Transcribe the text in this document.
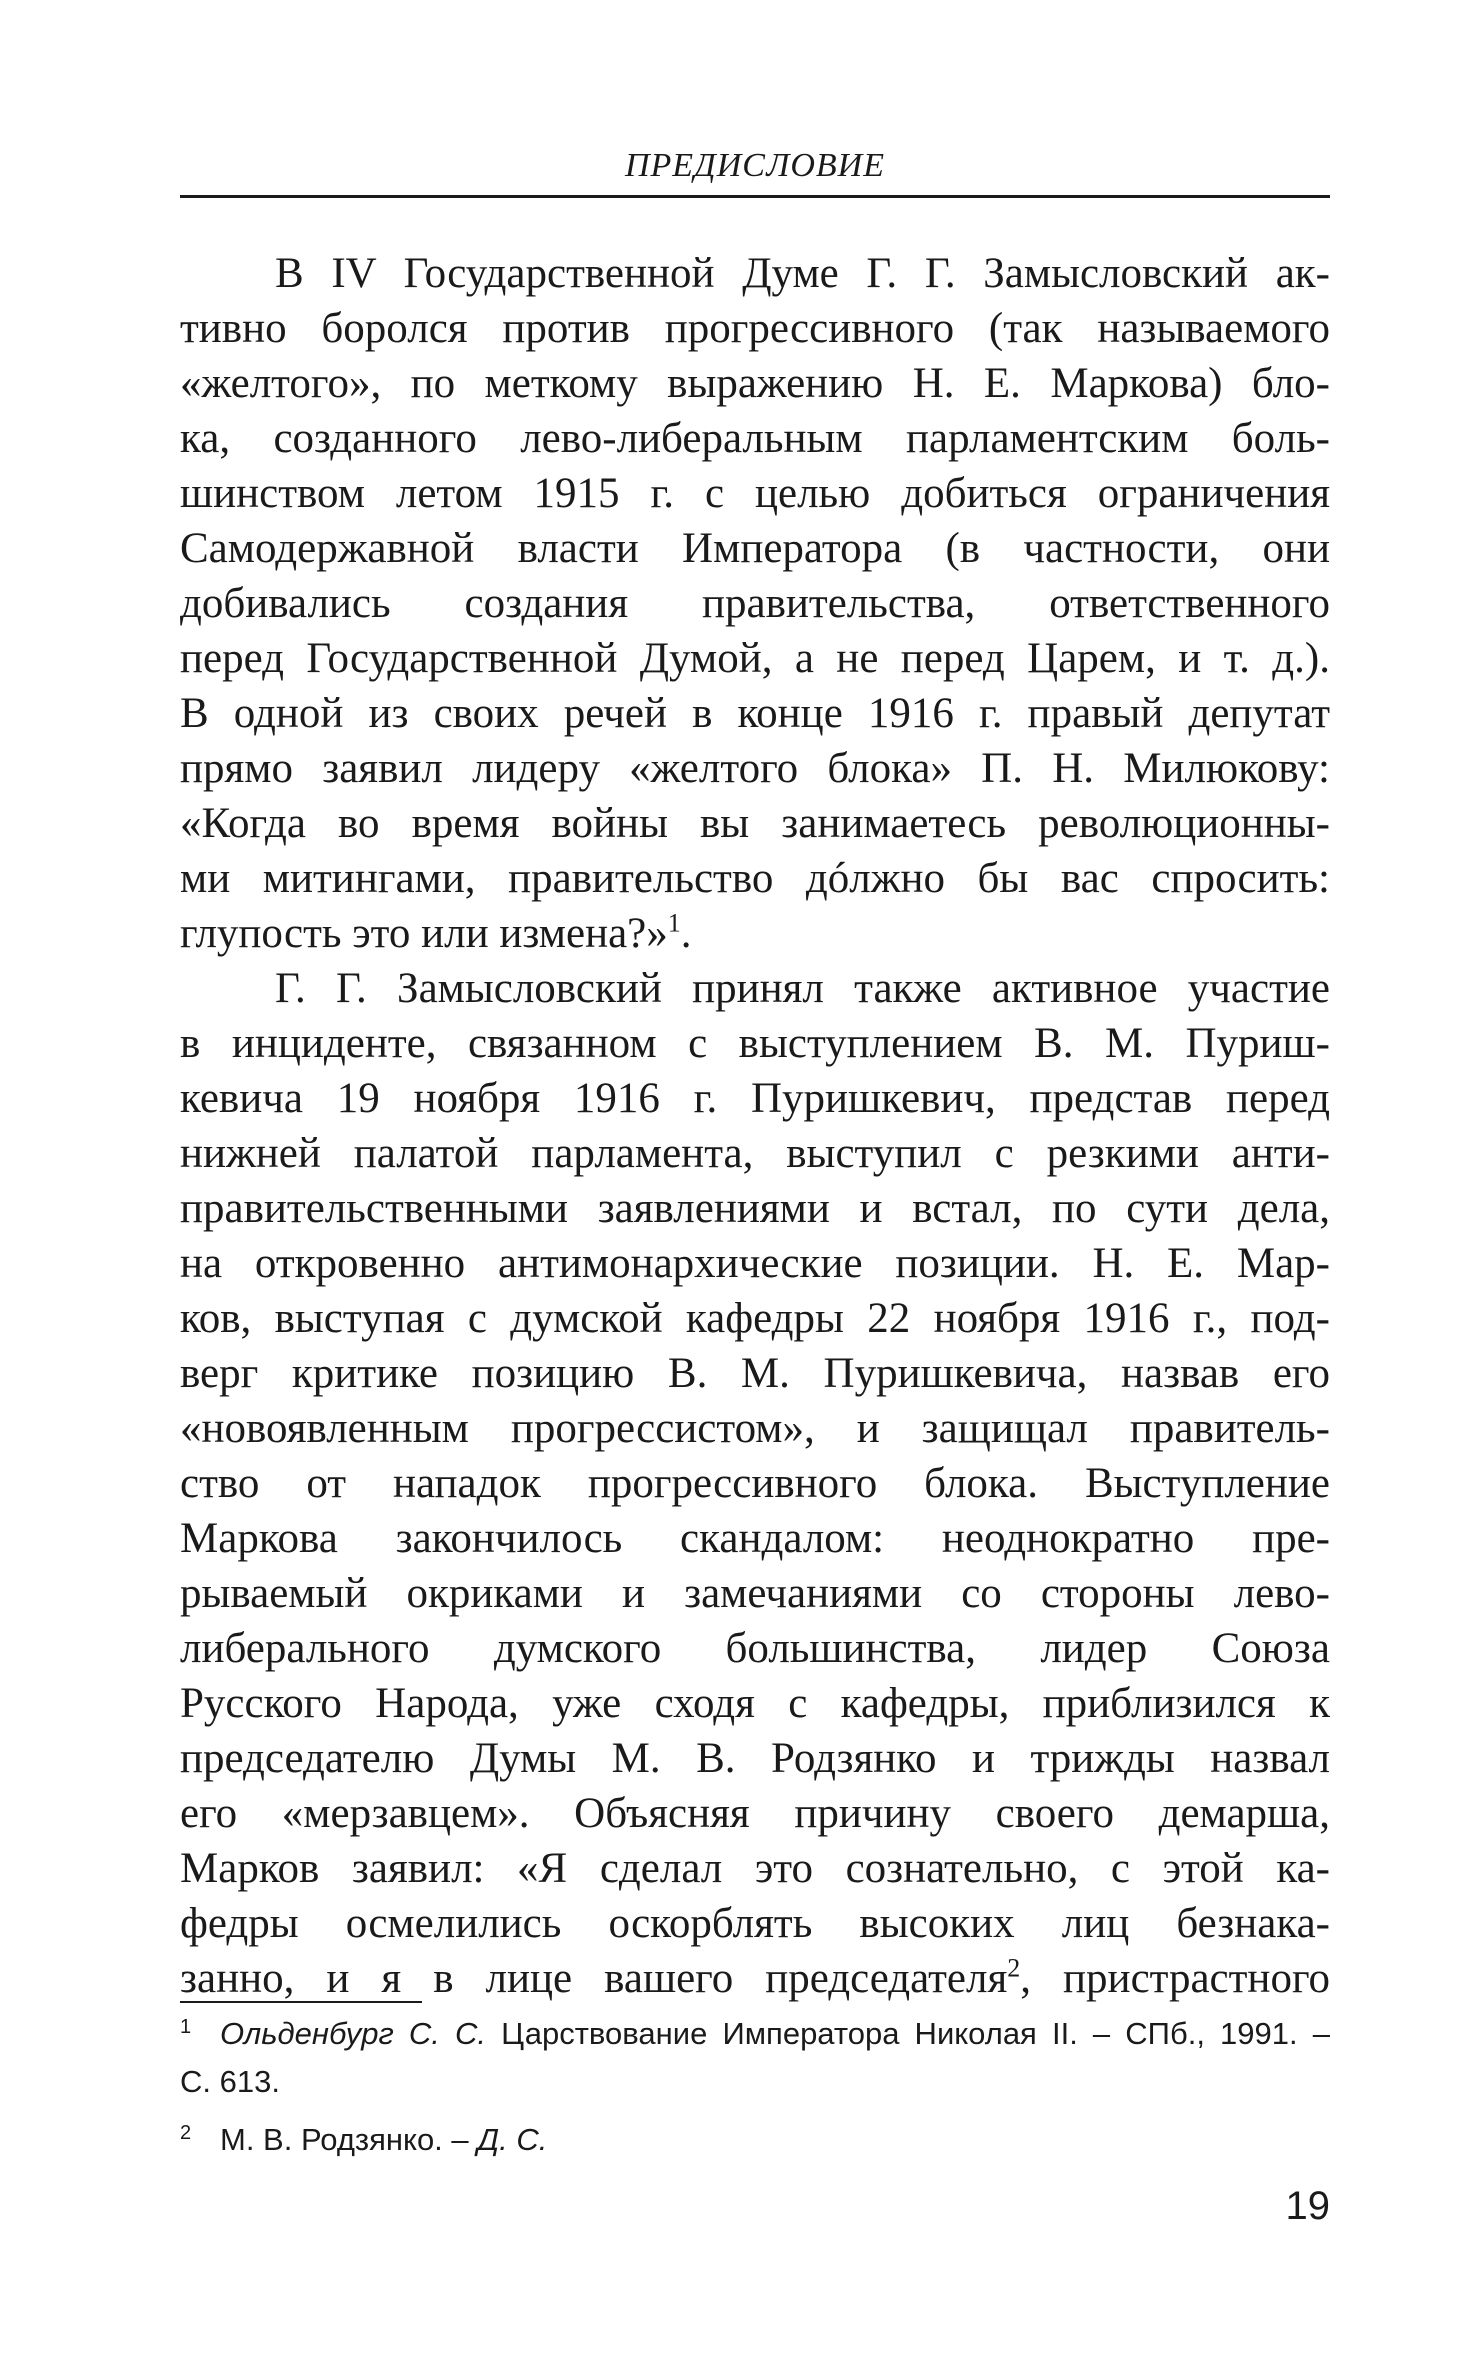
ПРЕДИСЛОВИЕ
В IV Государственной Думе Г. Г. Замысловский ак-
тивно боролся против прогрессивного (так называемого
«желтого», по меткому выражению Н. Е. Маркова) бло-
ка, созданного лево-либеральным парламентским боль-
шинством летом 1915 г. с целью добиться ограничения
Самодержавной власти Императора (в частности, они
добивались создания правительства, ответственного
перед Государственной Думой, а не перед Царем, и т. д.).
В одной из своих речей в конце 1916 г. правый депутат
прямо заявил лидеру «желтого блока» П. Н. Милюкову:
«Когда во время войны вы занимаетесь революционны-
ми митингами, правительство дóлжно бы вас спросить:
глупость это или измена?»$^1$.
Г. Г. Замысловский принял также активное участие
в инциденте, связанном с выступлением В. М. Пуриш-
кевича 19 ноября 1916 г. Пуришкевич, представ перед
нижней палатой парламента, выступил с резкими анти-
правительственными заявлениями и встал, по сути дела,
на откровенно антимонархические позиции. Н. Е. Мар-
ков, выступая с думской кафедры 22 ноября 1916 г., под-
верг критике позицию В. М. Пуришкевича, назвав его
«новоявленным прогрессистом», и защищал правитель-
ство от нападок прогрессивного блока. Выступление
Маркова закончилось скандалом: неоднократно пре-
рываемый окриками и замечаниями со стороны лево-
либерального думского большинства, лидер Союза
Русского Народа, уже сходя с кафедры, приблизился к
председателю Думы М. В. Родзянко и трижды назвал
его «мерзавцем». Объясняя причину своего демарша,
Марков заявил: «Я сделал это сознательно, с этой ка-
федры осмелились оскорблять высоких лиц безнака-
занно, и я в лице вашего председателя$^2$, пристрастного
1 Ольденбург С. С. Царствование Императора Николая II. – СПб., 1991. –
С. 613.
2 М. В. Родзянко. – Д. С.
19
